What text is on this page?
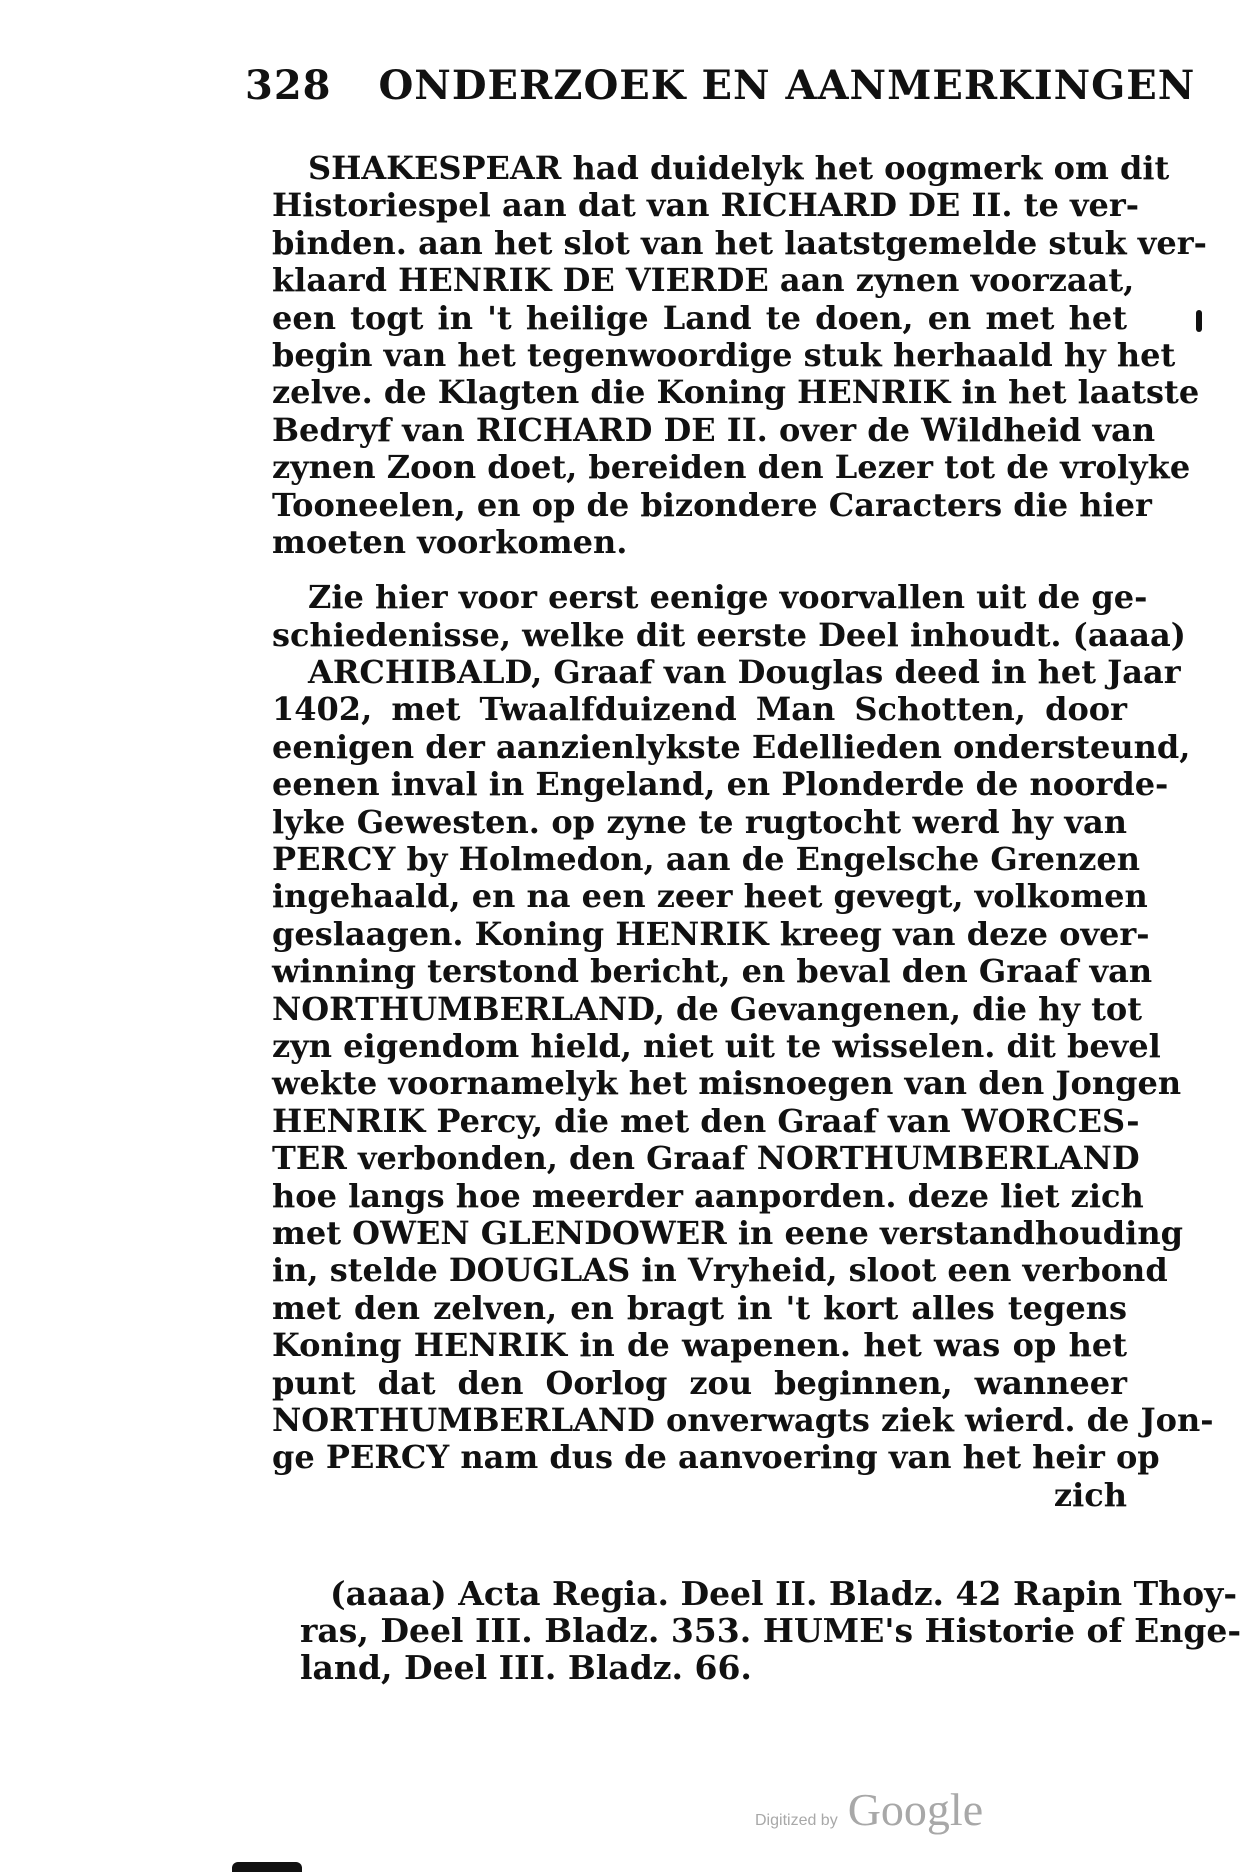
328 ONDERZOEK EN AANMERKINGEN
SHAKESPEAR had duidelyk het oogmerk om dit
Historiespel aan dat van RICHARD DE II. te ver-
binden. aan het slot van het laatstgemelde stuk ver-
klaard HENRIK DE VIERDE aan zynen voorzaat,
een togt in 't heilige Land te doen, en met het
begin van het tegenwoordige stuk herhaald hy het
zelve. de Klagten die Koning HENRIK in het laatste
Bedryf van RICHARD DE II. over de Wildheid van
zynen Zoon doet, bereiden den Lezer tot de vrolyke
Tooneelen, en op de bizondere Caracters die hier
moeten voorkomen.
Zie hier voor eerst eenige voorvallen uit de ge-
schiedenisse, welke dit eerste Deel inhoudt. (aaaa)
ARCHIBALD, Graaf van Douglas deed in het Jaar
1402, met Twaalfduizend Man Schotten, door
eenigen der aanzienlykste Edellieden ondersteund,
eenen inval in Engeland, en Plonderde de noorde-
lyke Gewesten. op zyne te rugtocht werd hy van
PERCY by Holmedon, aan de Engelsche Grenzen
ingehaald, en na een zeer heet gevegt, volkomen
geslaagen. Koning HENRIK kreeg van deze over-
winning terstond bericht, en beval den Graaf van
NORTHUMBERLAND, de Gevangenen, die hy tot
zyn eigendom hield, niet uit te wisselen. dit bevel
wekte voornamelyk het misnoegen van den Jongen
HENRIK Percy, die met den Graaf van WORCES-
TER verbonden, den Graaf NORTHUMBERLAND
hoe langs hoe meerder aanporden. deze liet zich
met OWEN GLENDOWER in eene verstandhouding
in, stelde DOUGLAS in Vryheid, sloot een verbond
met den zelven, en bragt in 't kort alles tegens
Koning HENRIK in de wapenen. het was op het
punt dat den Oorlog zou beginnen, wanneer
NORTHUMBERLAND onverwagts ziek wierd. de Jon-
ge PERCY nam dus de aanvoering van het heir op
zich
(aaaa) Acta Regia. Deel II. Bladz. 42 Rapin Thoy-
ras, Deel III. Bladz. 353. HUME's Historie of Enge-
land, Deel III. Bladz. 66.
Digitized by Google
